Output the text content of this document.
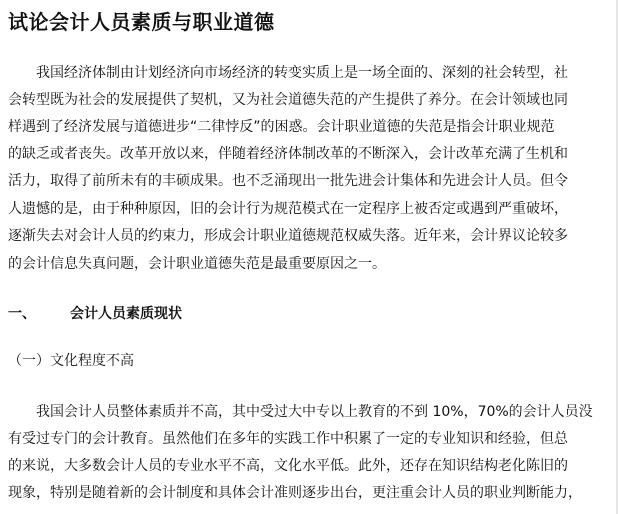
试论会计人员素质与职业道德
　　我国经济体制由计划经济向市场经济的转变实质上是一场全面的、深刻的社会转型，社
会转型既为社会的发展提供了契机，又为社会道德失范的产生提供了养分。在会计领域也同
样遇到了经济发展与道德进步“二律悖反”的困惑。会计职业道德的失范是指会计职业规范
的缺乏或者丧失。改革开放以来，伴随着经济体制改革的不断深入，会计改革充满了生机和
活力，取得了前所未有的丰硕成果。也不乏涌现出一批先进会计集体和先进会计人员。但令
人遗憾的是，由于种种原因，旧的会计行为规范模式在一定程序上被否定或遇到严重破坏，
逐渐失去对会计人员的约束力，形成会计职业道德规范权威失落。近年来，会计界议论较多
的会计信息失真问题，会计职业道德失范是最重要原因之一。
一、 会计人员素质现状
（一）文化程度不高
　　我国会计人员整体素质并不高，其中受过大中专以上教育的不到 10%，70%的会计人员没
有受过专门的会计教育。虽然他们在多年的实践工作中积累了一定的专业知识和经验，但总
的来说，大多数会计人员的专业水平不高，文化水平低。此外，还存在知识结构老化陈旧的
现象，特别是随着新的会计制度和具体会计准则逐步出台，更注重会计人员的职业判断能力，
